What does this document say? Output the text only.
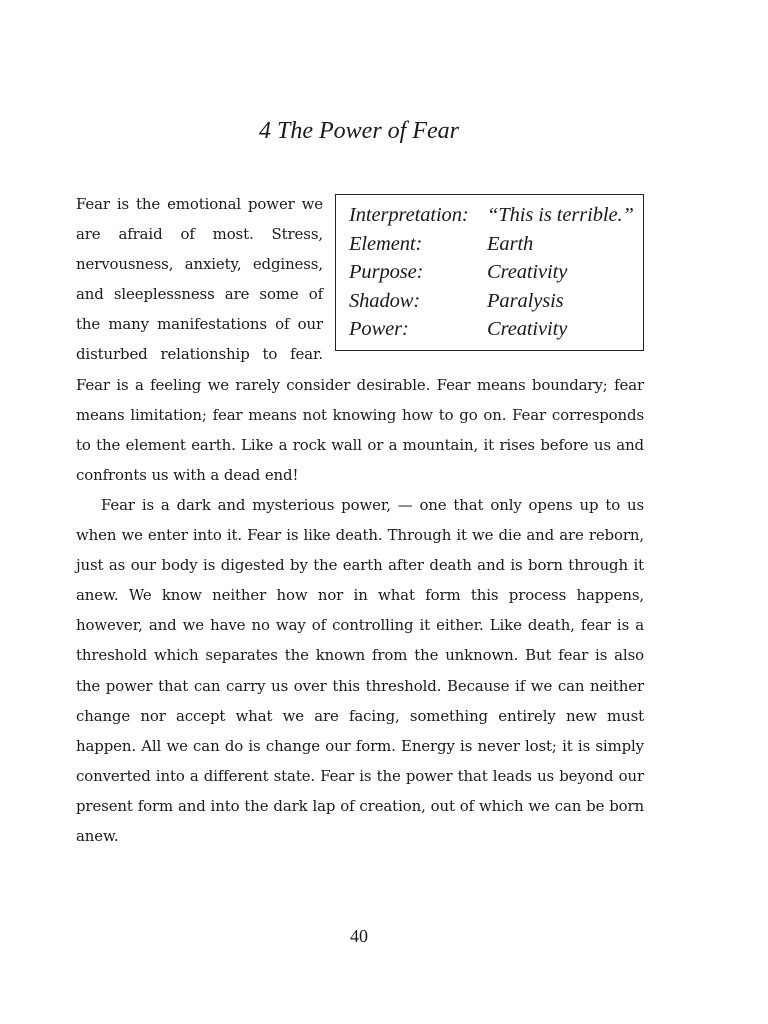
4 The Power of Fear
Interpretation: “This is terrible.”
Element:	Earth
Purpose:	Creativity
Shadow:	Paralysis
Power:	Creativity

Fear is the emotional power we are afraid of most. Stress, nervousness, anxiety, edginess, and sleeplessness are some of the many manifestations of our disturbed relationship to fear. Fear is a feeling we rarely consider desirable. Fear means boundary; fear means limitation; fear means not knowing how to go on. Fear corresponds to the element earth. Like a rock wall or a mountain, it rises before us and confronts us with a dead end!

Fear is a dark and mysterious power, — one that only opens up to us when we enter into it. Fear is like death. Through it we die and are reborn, just as our body is digested by the earth after death and is born through it anew. We know neither how nor in what form this process happens, however, and we have no way of controlling it either. Like death, fear is a threshold which separates the known from the unknown. But fear is also the power that can carry us over this threshold. Because if we can neither change nor accept what we are facing, something entirely new must happen. All we can do is change our form. Energy is never lost; it is simply converted into a different state. Fear is the power that leads us beyond our present form and into the dark lap of creation, out of which we can be born anew.

40
